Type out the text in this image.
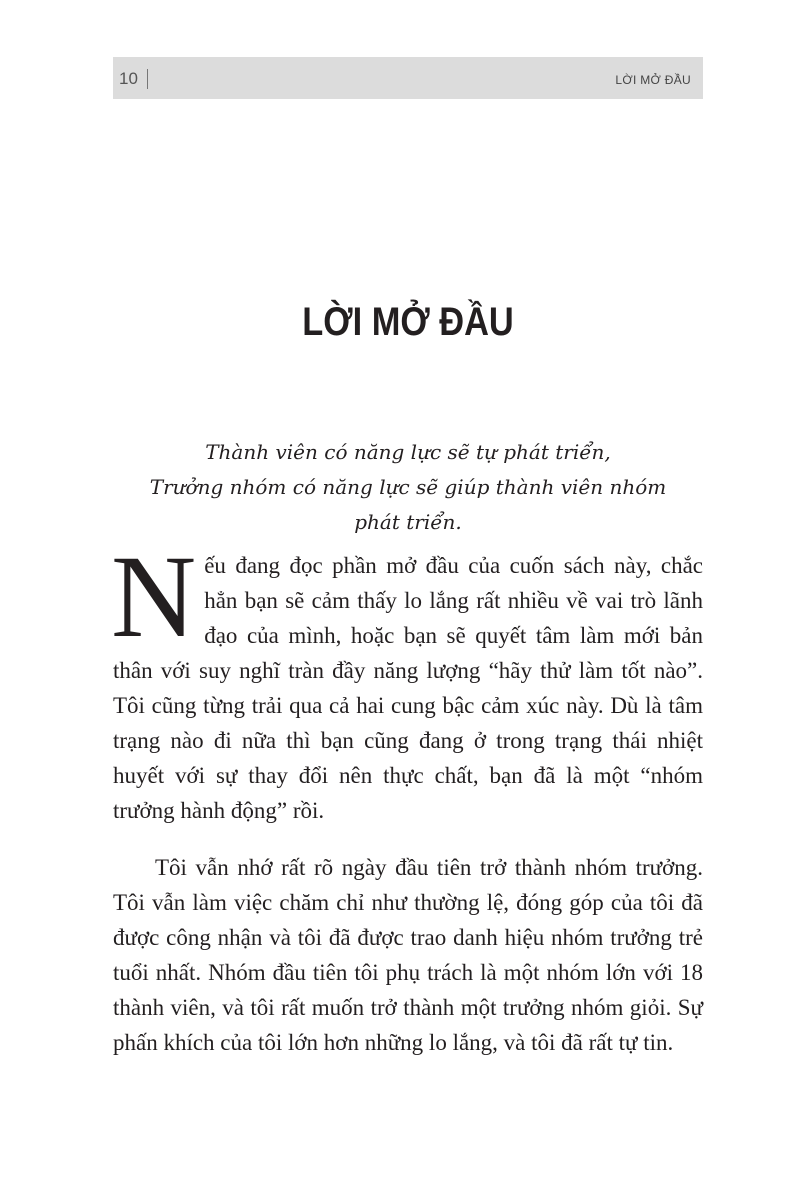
10	LỜI MỞ ĐẦU
LỜI MỞ ĐẦU
Thành viên có năng lực sẽ tự phát triển,
Trưởng nhóm có năng lực sẽ giúp thành viên nhóm
phát triển.

Nếu đang đọc phần mở đầu của cuốn sách này, chắc hẳn bạn sẽ cảm thấy lo lắng rất nhiều về vai trò lãnh đạo của mình, hoặc bạn sẽ quyết tâm làm mới bản thân với suy nghĩ tràn đầy năng lượng “hãy thử làm tốt nào”. Tôi cũng từng trải qua cả hai cung bậc cảm xúc này. Dù là tâm trạng nào đi nữa thì bạn cũng đang ở trong trạng thái nhiệt huyết với sự thay đổi nên thực chất, bạn đã là một “nhóm trưởng hành động” rồi.

Tôi vẫn nhớ rất rõ ngày đầu tiên trở thành nhóm trưởng. Tôi vẫn làm việc chăm chỉ như thường lệ, đóng góp của tôi đã được công nhận và tôi đã được trao danh hiệu nhóm trưởng trẻ tuổi nhất. Nhóm đầu tiên tôi phụ trách là một nhóm lớn với 18 thành viên, và tôi rất muốn trở thành một trưởng nhóm giỏi. Sự phấn khích của tôi lớn hơn những lo lắng, và tôi đã rất tự tin.
